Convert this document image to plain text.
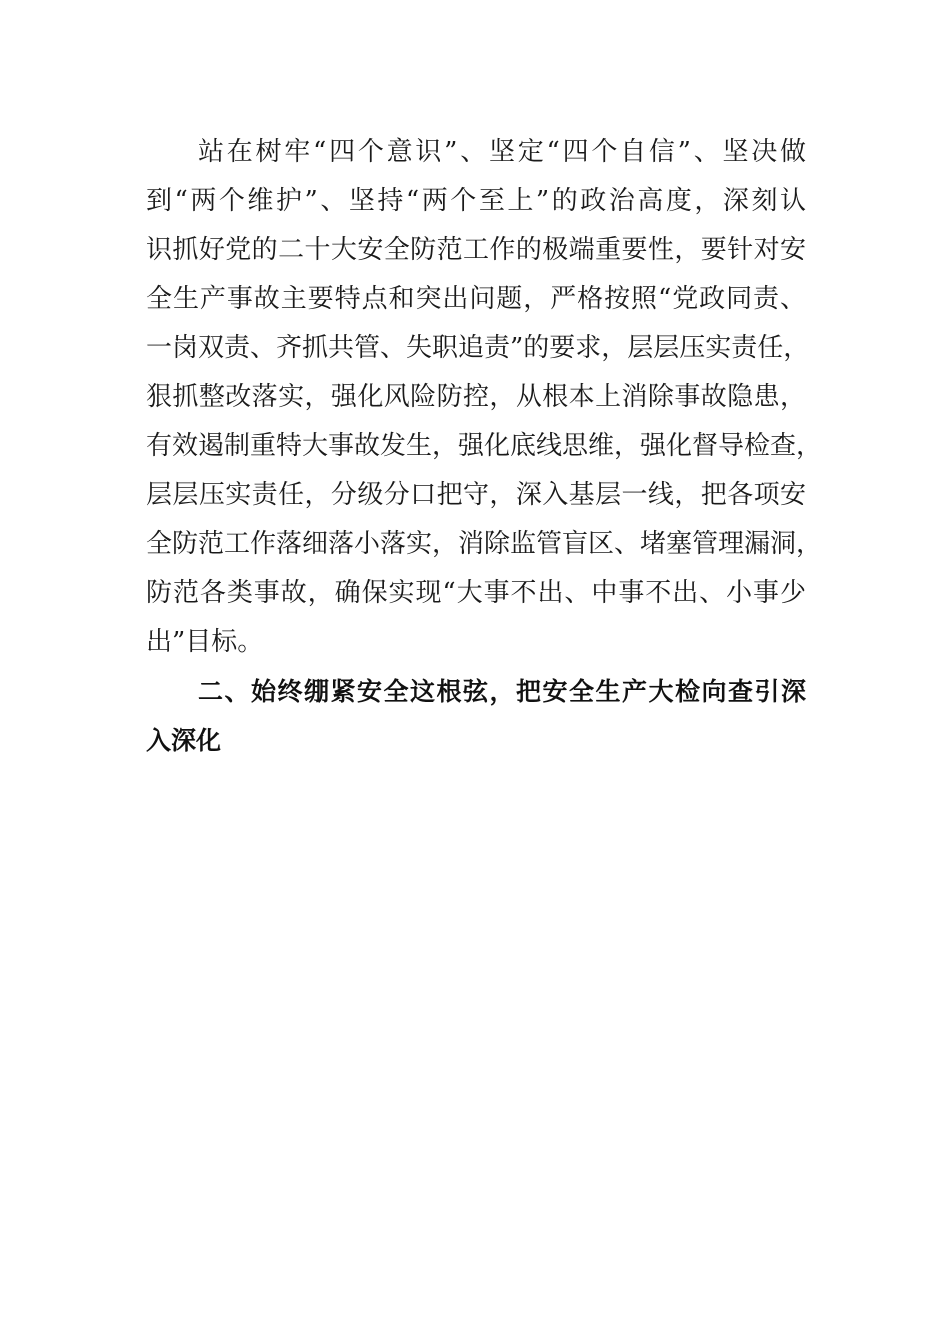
站在树牢“四个意识”、坚定“四个自信”、坚决做
到“两个维护”、坚持“两个至上”的政治高度，深刻认
识抓好党的二十大安全防范工作的极端重要性，要针对安
全生产事故主要特点和突出问题，严格按照“党政同责、
一岗双责、齐抓共管、失职追责”的要求，层层压实责任，
狠抓整改落实，强化风险防控，从根本上消除事故隐患，
有效遏制重特大事故发生，强化底线思维，强化督导检查，
层层压实责任，分级分口把守，深入基层一线，把各项安
全防范工作落细落小落实，消除监管盲区、堵塞管理漏洞，
防范各类事故，确保实现“大事不出、中事不出、小事少
出”目标。
二、始终绷紧安全这根弦，把安全生产大检向查引深
入深化
